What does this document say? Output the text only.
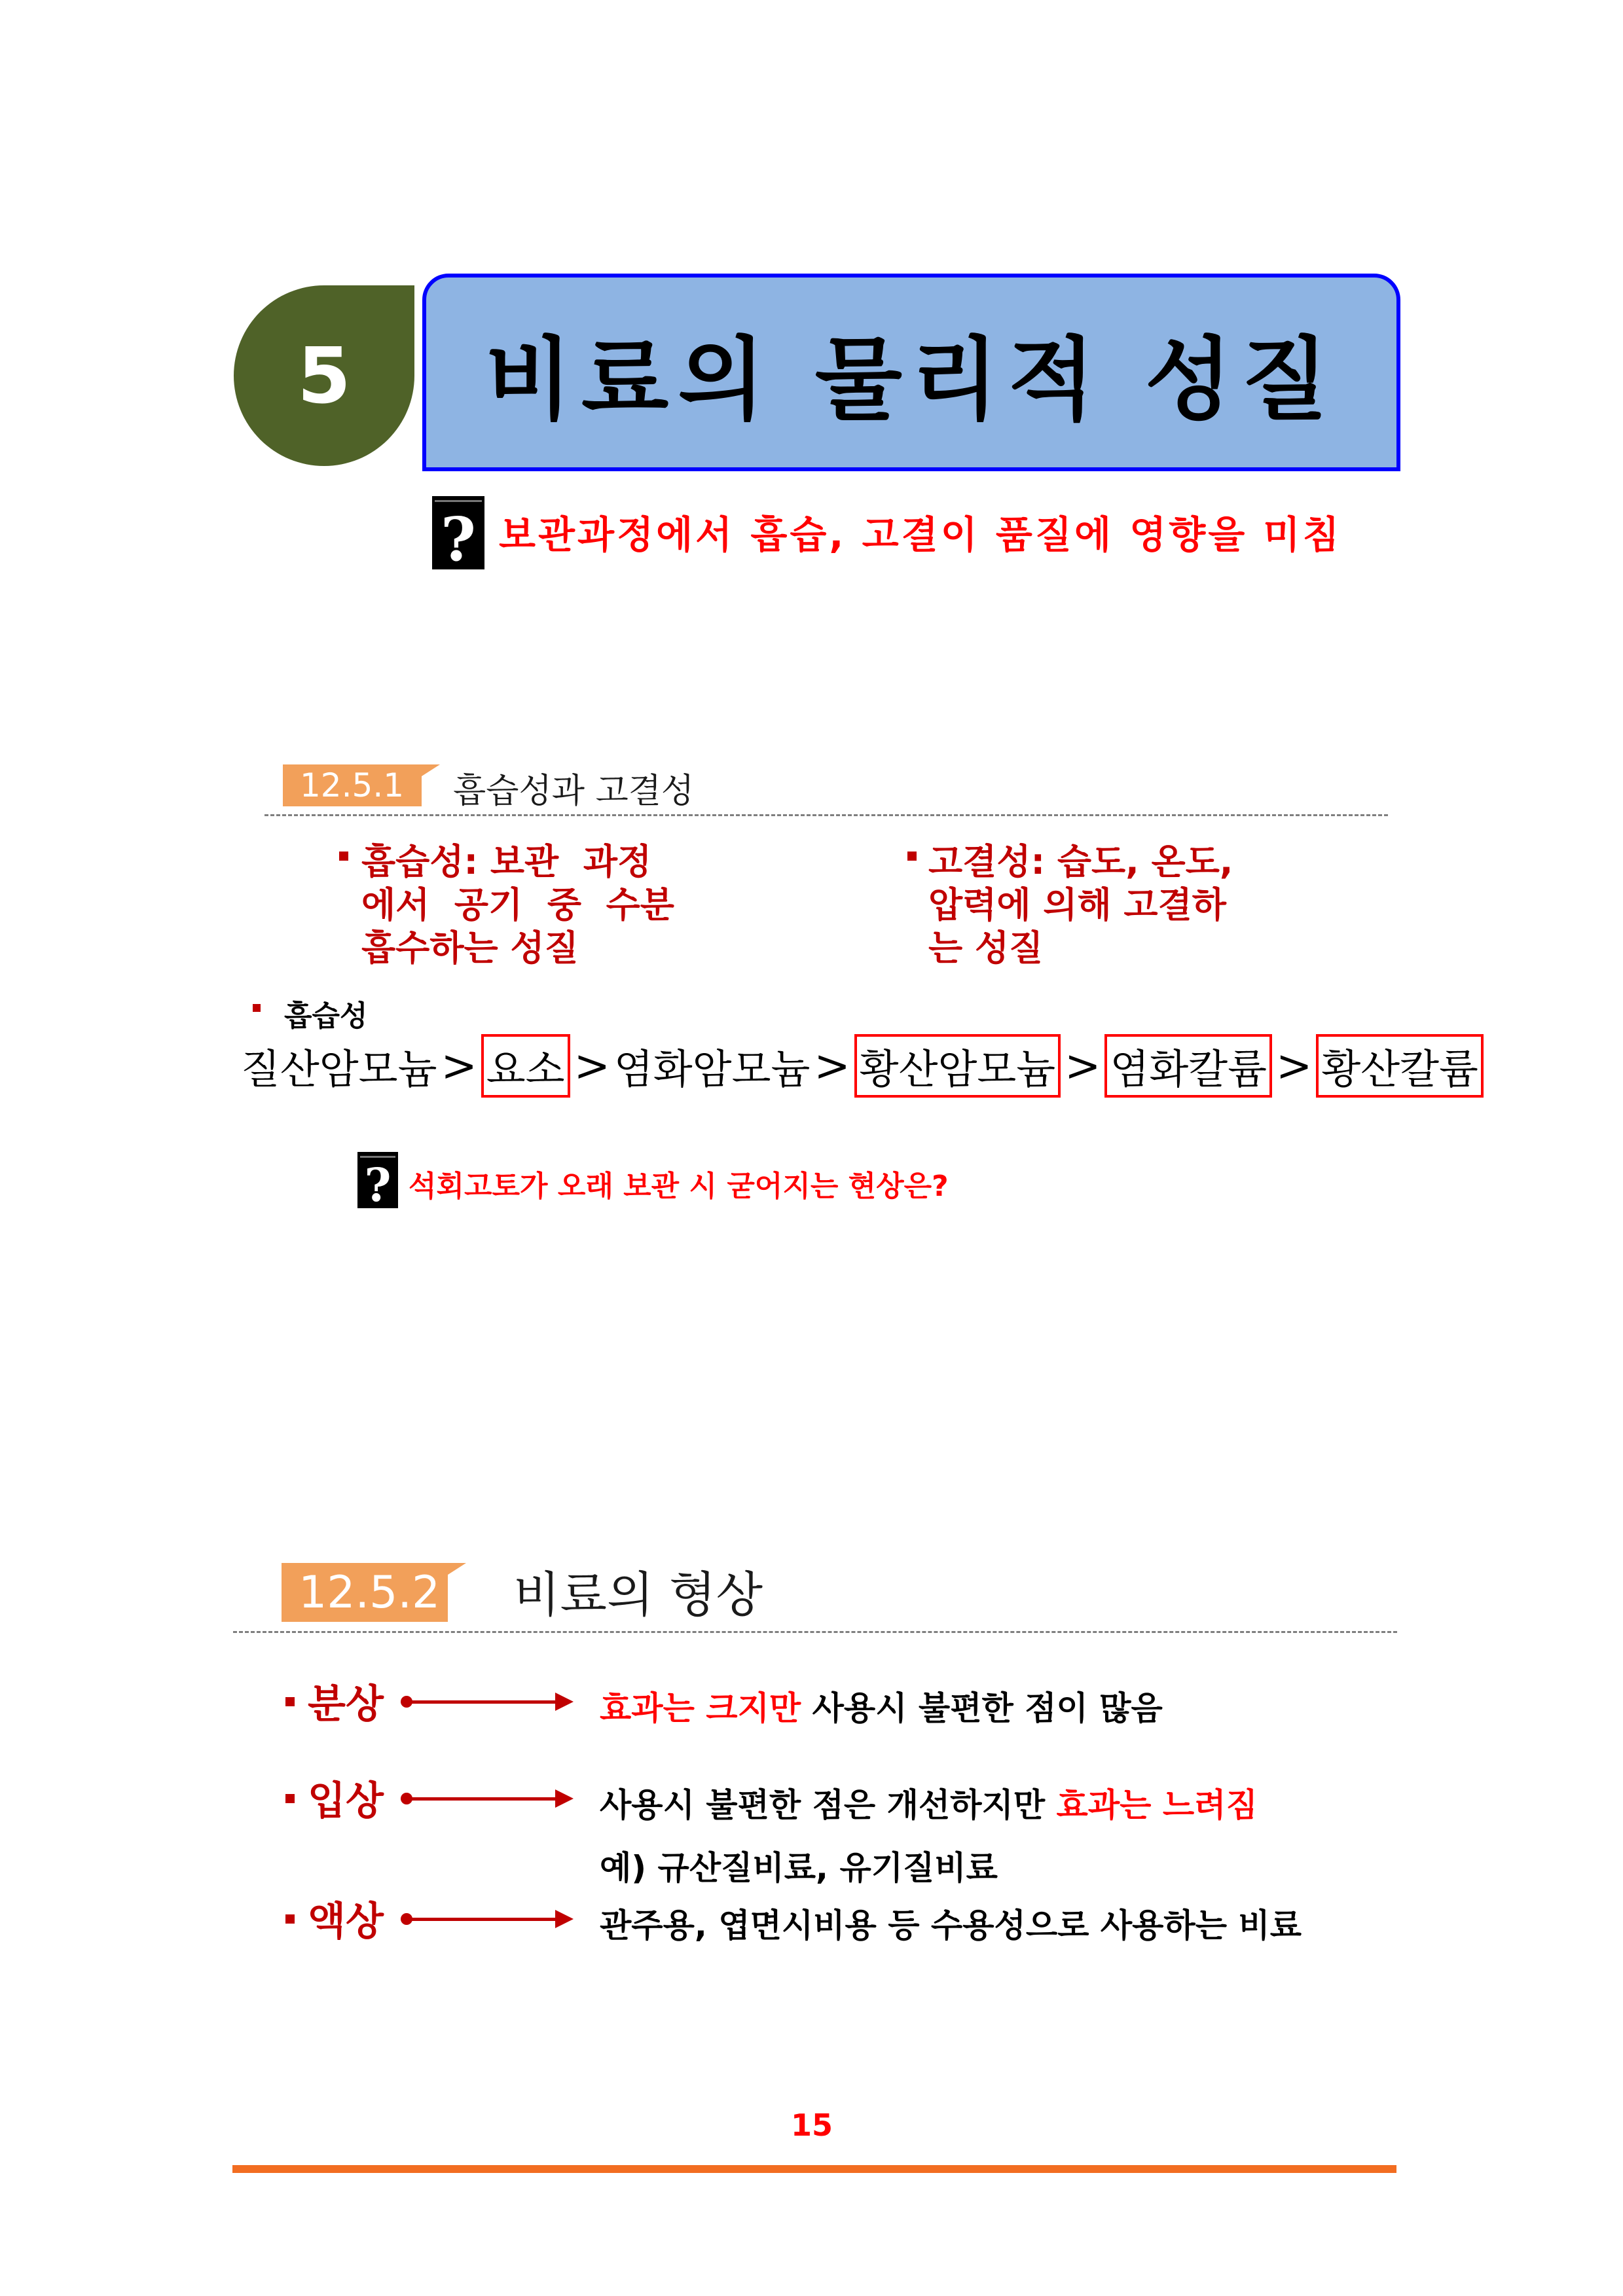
5	비료의 물리적 성질
? 보관과정에서 흡습, 고결이 품질에 영향을 미침
12.5.1 흡습성과 고결성
흡습성: 보관  과정
에서  공기  중  수분
흡수하는 성질
고결성: 습도, 온도,
압력에 의해 고결하
는 성질
흡습성
질산암모늄 > 요소 > 염화암모늄 > 황산암모늄 > 염화칼륨 > 황산칼륨
? 석회고토가 오래 보관 시 굳어지는 현상은?
12.5.2 비료의 형상
분상	효과는 크지만 사용시 불편한 점이 많음
입상	사용시 불편한 점은 개선하지만 효과는 느려짐
예) 규산질비료, 유기질비료
액상	관주용, 엽면시비용 등 수용성으로 사용하는 비료
15
